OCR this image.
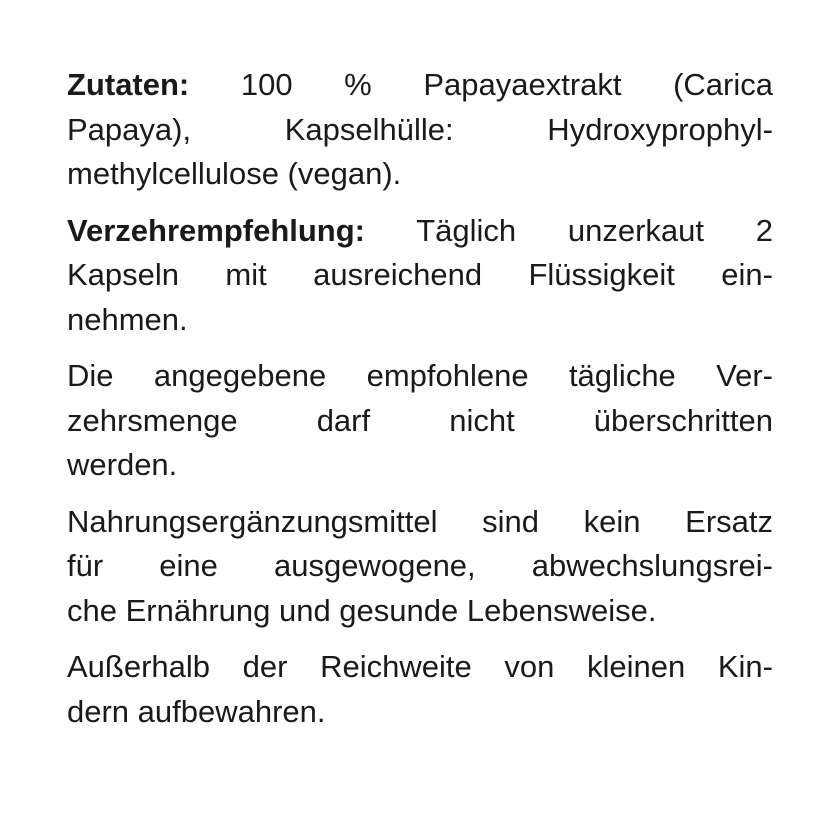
Zutaten: 100 % Papayaextrakt (Carica
Papaya), Kapselhülle: Hydroxyprophyl-
methylcellulose (vegan).

Verzehrempfehlung: Täglich unzerkaut 2
Kapseln mit ausreichend Flüssigkeit ein-
nehmen.

Die angegebene empfohlene tägliche Ver-
zehrsmenge darf nicht überschritten
werden.

Nahrungsergänzungsmittel sind kein Ersatz
für eine ausgewogene, abwechslungsrei-
che Ernährung und gesunde Lebensweise.

Außerhalb der Reichweite von kleinen Kin-
dern aufbewahren.
